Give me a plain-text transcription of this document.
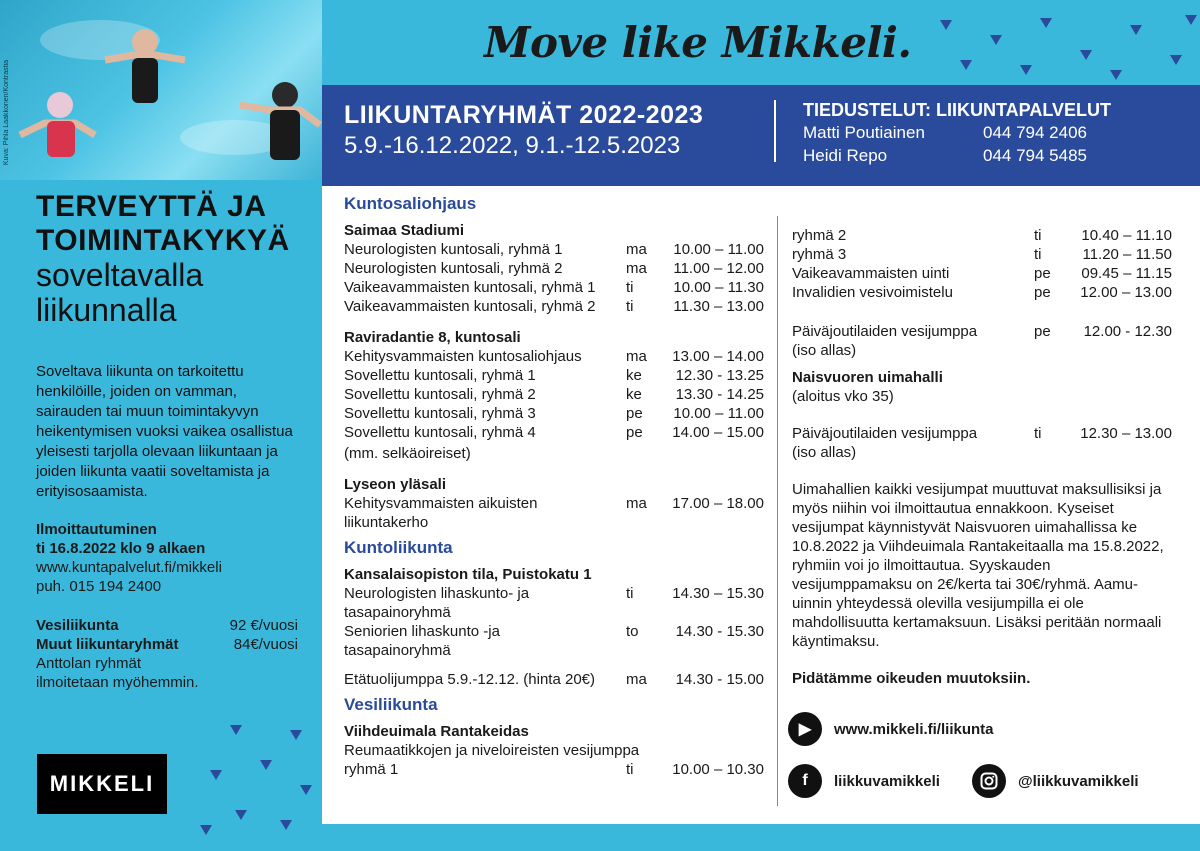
Kuva: Pihla Laakkonen/Kontrastia
Move like Mikkeli.
TERVEYTTÄ JA
TOIMINTAKYKYÄ
soveltavalla
liikunnalla
Soveltava liikunta on tarkoitettu henkilöille, joiden on vamman, sairauden tai muun toimintakyvyn heikentymisen vuoksi vaikea osallistua yleisesti tarjolla olevaan liikuntaan ja joiden liikunta vaatii soveltamista ja erityisosaamista.
Ilmoittautuminen
ti 16.8.2022 klo 9 alkaen
www.kuntapalvelut.fi/mikkeli
puh. 015 194 2400
Vesiliikunta	92 €/vuosi
Muut liikuntaryhmät	84€/vuosi
Anttolan ryhmät
ilmoitetaan myöhemmin.
MIKKELI
LIIKUNTARYHMÄT 2022-2023
5.9.-16.12.2022, 9.1.-12.5.2023
TIEDUSTELUT: LIIKUNTAPALVELUT
Matti Poutiainen	044 794 2406
Heidi Repo	044 794 5485
Kuntosaliohjaus
Saimaa Stadiumi
Neurologisten kuntosali, ryhmä 1	ma	10.00 – 11.00
Neurologisten kuntosali, ryhmä 2	ma	11.00 – 12.00
Vaikeavammaisten kuntosali, ryhmä 1	ti	10.00 – 11.30
Vaikeavammaisten kuntosali, ryhmä 2	ti	11.30 – 13.00
Raviradantie 8, kuntosali
Kehitysvammaisten kuntosaliohjaus	ma	13.00 – 14.00
Sovellettu kuntosali, ryhmä 1	ke	12.30 - 13.25
Sovellettu kuntosali, ryhmä 2	ke	13.30 - 14.25
Sovellettu kuntosali, ryhmä 3	pe	10.00 – 11.00
Sovellettu kuntosali, ryhmä 4	pe	14.00 – 15.00
(mm. selkäoireiset)
Lyseon yläsali
Kehitysvammaisten aikuisten	ma	17.00 – 18.00
liikuntakerho
Kuntoliikunta
Kansalaisopiston tila, Puistokatu 1
Neurologisten lihaskunto- ja	ti	14.30 – 15.30
tasapainoryhmä
Seniorien lihaskunto -ja	to	14.30 - 15.30
tasapainoryhmä
Etätuolijumppa 5.9.-12.12. (hinta 20€)	ma	14.30 - 15.00
Vesiliikunta
Viihdeuimala Rantakeidas
Reumaatikkojen ja niveloireisten vesijumppa
ryhmä 1	ti	10.00 – 10.30
ryhmä 2	ti	10.40 – 11.10
ryhmä 3	ti	11.20 – 11.50
Vaikeavammaisten uinti	pe	09.45 – 11.15
Invalidien vesivoimistelu	pe	12.00 – 13.00
Päiväjoutilaiden vesijumppa	pe	12.00 - 12.30
(iso allas)
Naisvuoren uimahalli
(aloitus vko 35)
Päiväjoutilaiden vesijumppa	ti	12.30 – 13.00
(iso allas)
Uimahallien kaikki vesijumpat muuttuvat maksullisiksi ja myös niihin voi ilmoittautua ennakkoon. Kyseiset vesijumpat käynnistyvät Naisvuoren uimahallissa ke 10.8.2022 ja Viihdeuimala Rantakeitaalla ma 15.8.2022, ryhmiin voi jo ilmoittautua. Syyskauden vesijumppamaksu on 2€/kerta tai 30€/ryhmä. Aamu-uinnin yhteydessä olevilla vesijumpilla ei ole mahdollisuutta kertamaksuun. Lisäksi peritään normaali käyntimaksu.
Pidätämme oikeuden muutoksiin.
▶	www.mikkeli.fi/liikunta
f	liikkuvamikkeli	@liikkuvamikkeli
